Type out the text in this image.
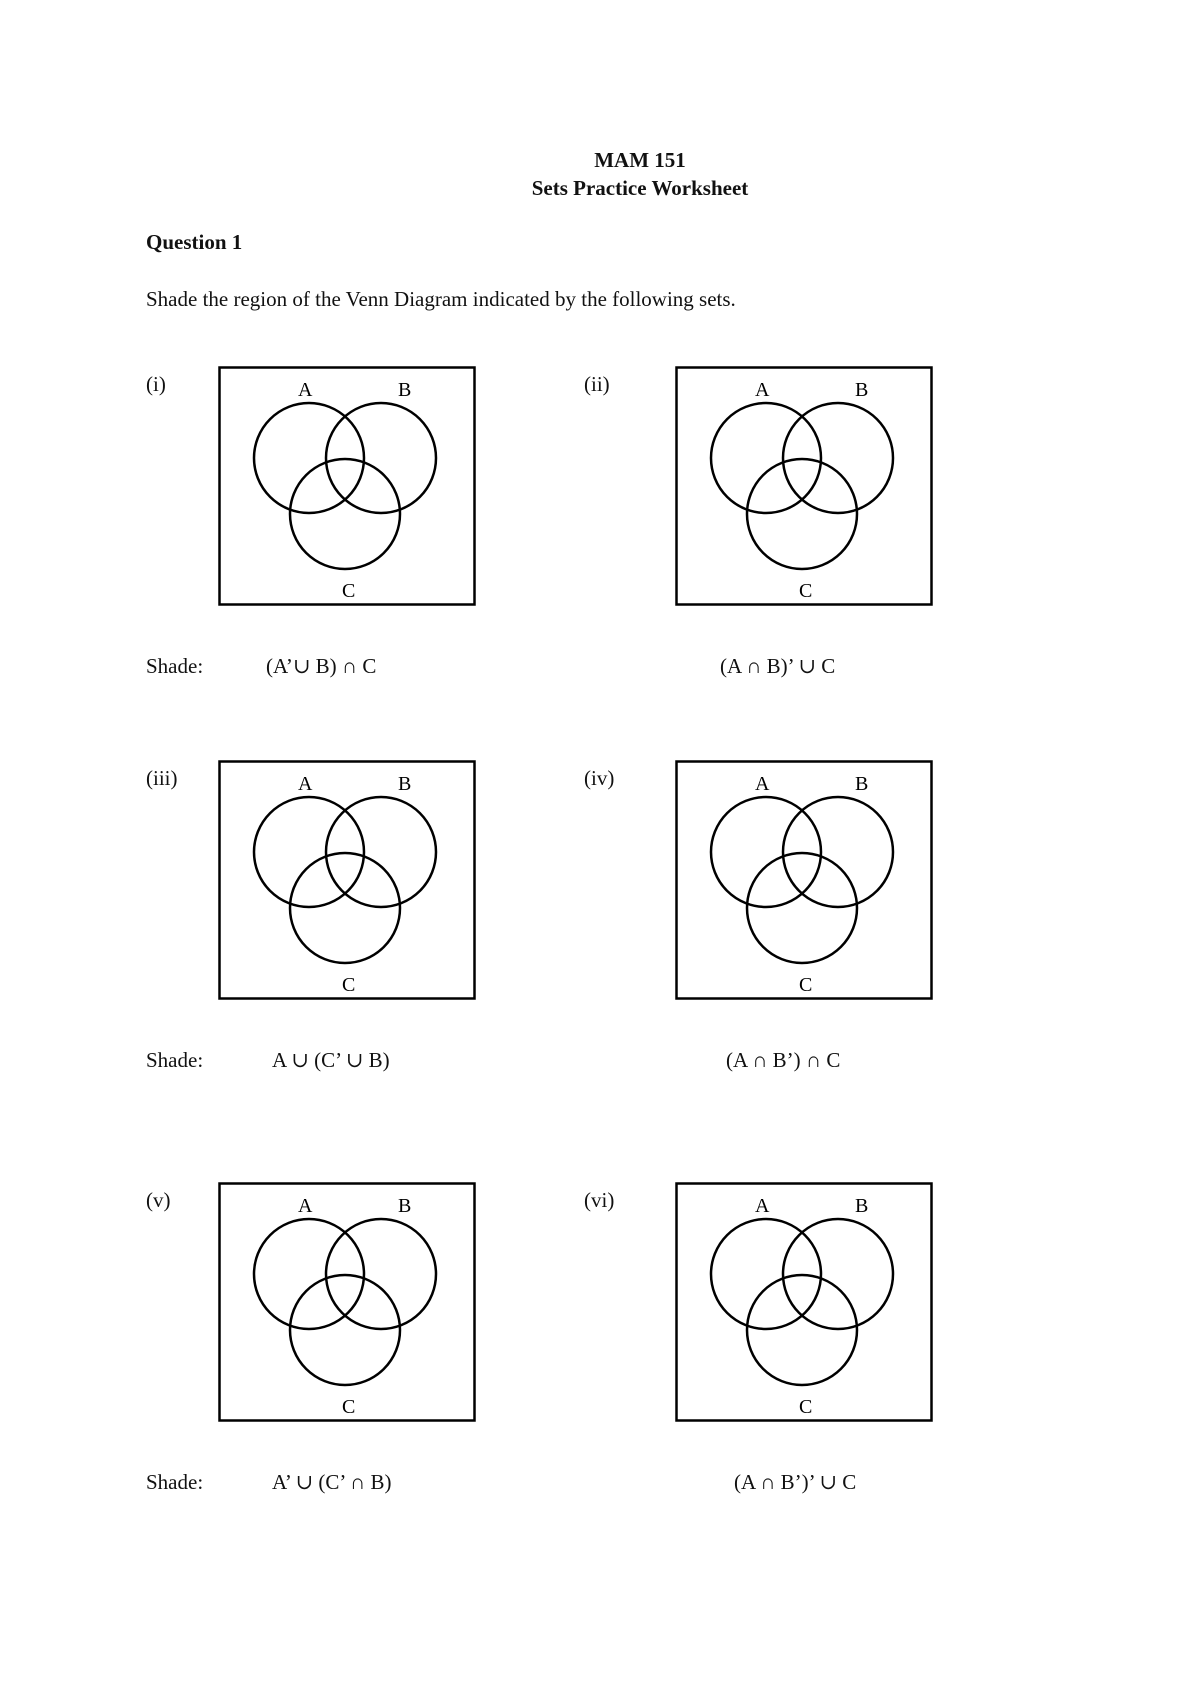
MAM 151
Sets Practice Worksheet
Question 1
Shade the region of the Venn Diagram indicated by the following sets.
(i)	A	B
C
(ii)	A	B
C
Shade:	(A’∪ B) ∩ C	(A ∩ B)’ ∪ C
(iii)	A	B
C
(iv)	A	B
C
Shade:	A ∪ (C’ ∪ B)	(A ∩ B’) ∩ C
(v)	A	B
C
(vi)	A	B
C
Shade:	A’ ∪ (C’ ∩ B)	(A ∩ B’)’ ∪ C
